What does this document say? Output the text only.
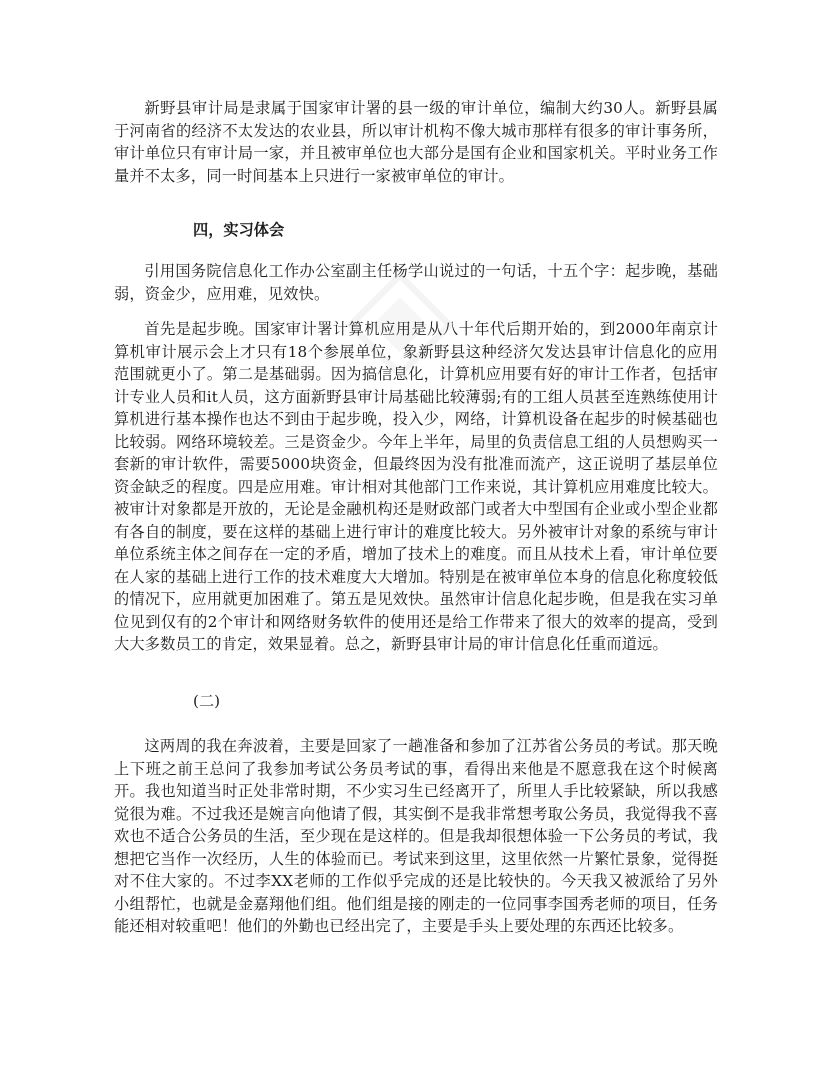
新野县审计局是隶属于国家审计署的县一级的审计单位，编制大约30人。新野县属于河南省的经济不太发达的农业县，所以审计机构不像大城市那样有很多的审计事务所，审计单位只有审计局一家，并且被审单位也大部分是国有企业和国家机关。平时业务工作量并不太多，同一时间基本上只进行一家被审单位的审计。

四，实习体会

引用国务院信息化工作办公室副主任杨学山说过的一句话，十五个字：起步晚，基础弱，资金少，应用难，见效快。

首先是起步晚。国家审计署计算机应用是从八十年代后期开始的，到2000年南京计算机审计展示会上才只有18个参展单位，象新野县这种经济欠发达县审计信息化的应用范围就更小了。第二是基础弱。因为搞信息化，计算机应用要有好的审计工作者，包括审计专业人员和it人员，这方面新野县审计局基础比较薄弱;有的工组人员甚至连熟练使用计算机进行基本操作也达不到由于起步晚，投入少，网络，计算机设备在起步的时候基础也比较弱。网络环境较差。三是资金少。今年上半年，局里的负责信息工组的人员想购买一套新的审计软件，需要5000块资金，但最终因为没有批准而流产，这正说明了基层单位资金缺乏的程度。四是应用难。审计相对其他部门工作来说，其计算机应用难度比较大。被审计对象都是开放的，无论是金融机构还是财政部门或者大中型国有企业或小型企业都有各自的制度，要在这样的基础上进行审计的难度比较大。另外被审计对象的系统与审计单位系统主体之间存在一定的矛盾，增加了技术上的难度。而且从技术上看，审计单位要在人家的基础上进行工作的技术难度大大增加。特别是在被审单位本身的信息化称度较低的情况下，应用就更加困难了。第五是见效快。虽然审计信息化起步晚，但是我在实习单位见到仅有的2个审计和网络财务软件的使用还是给工作带来了很大的效率的提高，受到大大多数员工的肯定，效果显着。总之，新野县审计局的审计信息化任重而道远。

(二)

这两周的我在奔波着，主要是回家了一趟准备和参加了江苏省公务员的考试。那天晚上下班之前王总问了我参加考试公务员考试的事，看得出来他是不愿意我在这个时候离开。我也知道当时正处非常时期，不少实习生已经离开了，所里人手比较紧缺，所以我感觉很为难。不过我还是婉言向他请了假，其实倒不是我非常想考取公务员，我觉得我不喜欢也不适合公务员的生活，至少现在是这样的。但是我却很想体验一下公务员的考试，我想把它当作一次经历，人生的体验而已。考试来到这里，这里依然一片繁忙景象，觉得挺对不住大家的。不过李XX老师的工作似乎完成的还是比较快的。今天我又被派给了另外小组帮忙，也就是金嘉翔他们组。他们组是接的刚走的一位同事李国秀老师的项目，任务能还相对较重吧！他们的外勤也已经出完了，主要是手头上要处理的东西还比较多。
